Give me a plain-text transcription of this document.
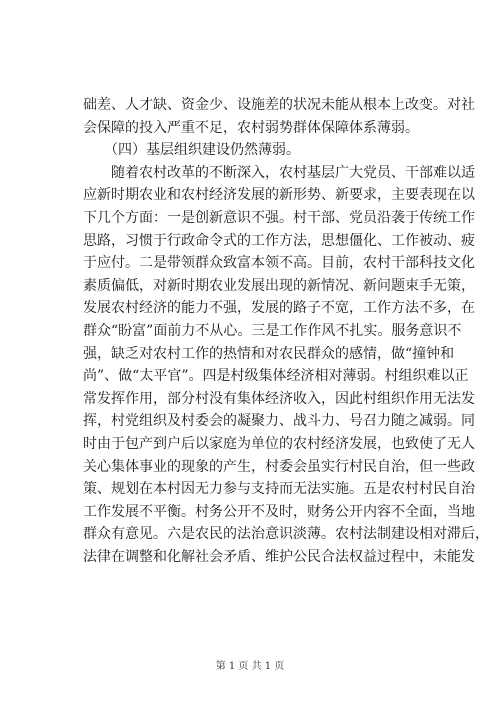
础差、人才缺、资金少、设施差的状况未能从根本上改变。对社
会保障的投入严重不足，农村弱势群体保障体系薄弱。
　　（四）基层组织建设仍然薄弱。
　　随着农村改革的不断深入，农村基层广大党员、干部难以适
应新时期农业和农村经济发展的新形势、新要求，主要表现在以
下几个方面：一是创新意识不强。村干部、党员沿袭于传统工作
思路，习惯于行政命令式的工作方法，思想僵化、工作被动、疲
于应付。二是带领群众致富本领不高。目前，农村干部科技文化
素质偏低，对新时期农业发展出现的新情况、新问题束手无策，
发展农村经济的能力不强，发展的路子不宽，工作方法不多，在
群众“盼富”面前力不从心。三是工作作风不扎实。服务意识不
强，缺乏对农村工作的热情和对农民群众的感情，做“撞钟和
尚”、做“太平官”。四是村级集体经济相对薄弱。村组织难以正
常发挥作用，部分村没有集体经济收入，因此村组织作用无法发
挥，村党组织及村委会的凝聚力、战斗力、号召力随之减弱。同
时由于包产到户后以家庭为单位的农村经济发展，也致使了无人
关心集体事业的现象的产生，村委会虽实行村民自治，但一些政
策、规划在本村因无力参与支持而无法实施。五是农村村民自治
工作发展不平衡。村务公开不及时，财务公开内容不全面，当地
群众有意见。六是农民的法治意识淡薄。农村法制建设相对滞后，
法律在调整和化解社会矛盾、维护公民合法权益过程中，未能发
第 1 页 共 1 页
